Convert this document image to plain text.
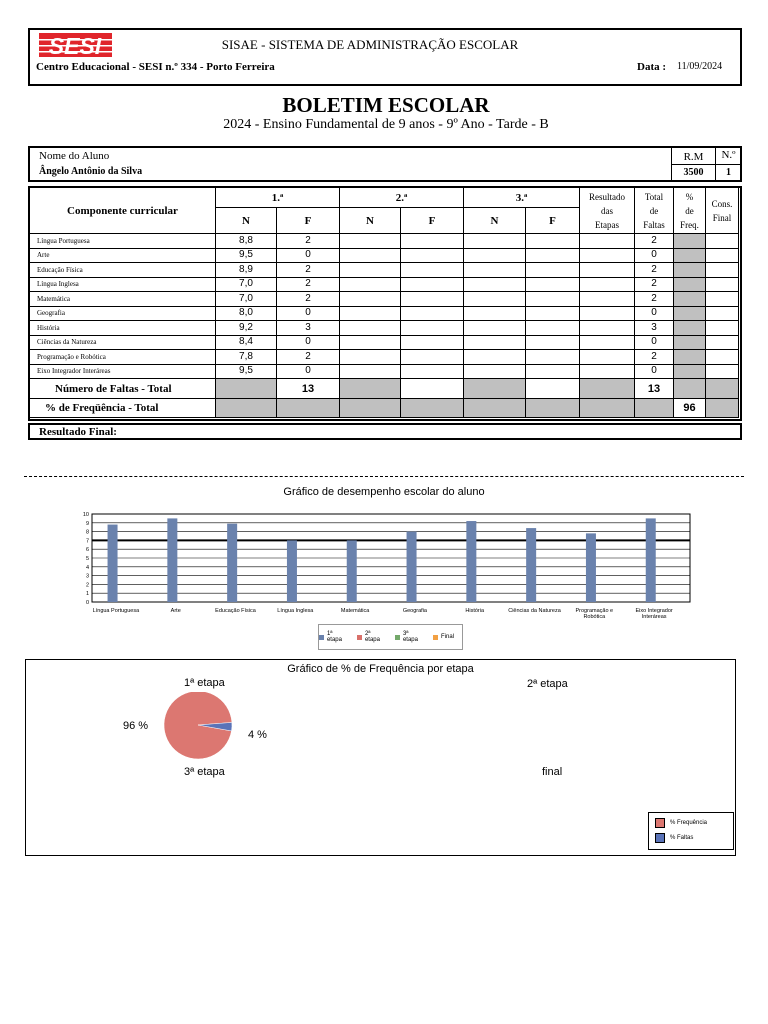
SESI	SISAE - SISTEMA DE ADMINISTRAÇÃO ESCOLAR
Centro Educacional - SESI n.º 334 - Porto Ferreira	Data : 11/09/2024
BOLETIM ESCOLAR
2024 - Ensino Fundamental de 9 anos - 9º Ano - Tarde - B
Nome do Aluno
Ângelo Antônio da Silva
R.M
3500
N.º
1
Componente curricular	1.ª		2.ª		3.ª		Resultado
das
Etapas	Total
de
Faltas	%
de
Freq.	Cons.
Final
	N	F	N	F	N	F				
Língua Portuguesa	8,8	2						2		
Arte	9,5	0						0		
Educação Física	8,9	2						2		
Língua Inglesa	7,0	2						2		
Matemática	7,0	2						2		
Geografia	8,0	0						0		
História	9,2	3						3		
Ciências da Natureza	8,4	0						0		
Programação e Robótica	7,8	2						2		
Eixo Integrador Interáreas	9,5	0						0		
Número de Faltas - Total		13						13		
% de Freqüência - Total									96	
Resultado Final:
Gráfico de desempenho escolar do aluno
0
1
2
3
4
5
6
7
8
9
10
Língua Portuguesa	Arte	Educação Física	Língua Inglesa	Matemática	Geografia	História	Ciências da Natureza	Programação e
Robótica
Eixo Integrador
Interáreas
1ª etapa
2ª etapa
3ª etapa	Final
Gráfico de % de Frequência por etapa
1ª etapa	2ª etapa
3ª etapa	final
96 %
4 %
% Frequência
% Faltas
